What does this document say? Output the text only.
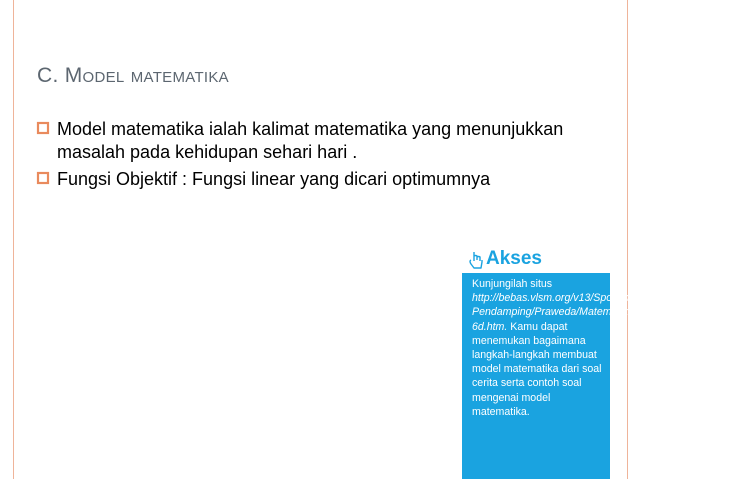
C. Model matematika
Model matematika ialah kalimat matematika yang menunjukkan masalah pada kehidupan sehari hari .
Fungsi Objektif : Fungsi linear yang dicari optimumnya
Akses
Kunjungilah situs http://bebas.vlsm.org/v13/Sponsor_Sponsor-Pendamping/Praweda/Matematika/0388%20Mat%201-6d.htm. Kamu dapat menemukan bagaimana langkah-langkah membuat model matematika dari soal cerita serta contoh soal mengenai model matematika.
